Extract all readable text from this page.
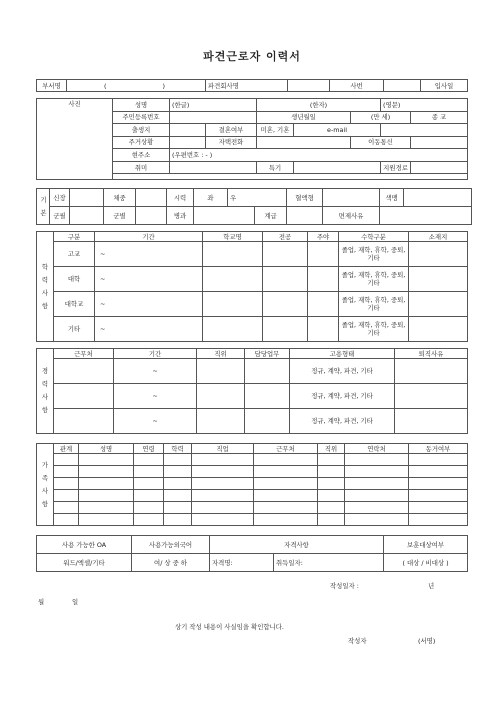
파견근로자 이력서
부서명	(		)	파견회사명		사번		입사일
사진	성명	(한글)		(한자)			(영문)	
	주민등록번호			생년월일		(만 세)		종 교
	출생지		결혼여부	미혼, 기혼	e-mail			
	주거상황		자택전화			이동통신		
	현주소	(우편번호 : - )						
	취미			특기			지원경로	

기본	신장		체중		시력	좌	우		혈액형		색맹	
	군필		군별		병과			계급		면제사유		
학력사항	구분	기간	학교명	전공	주야	수학구분	소재지
	고교	~				졸업, 재학, 휴학, 중퇴, 기타	
	대학	~				졸업, 재학, 휴학, 중퇴, 기타	
	대학교	~				졸업, 재학, 휴학, 중퇴, 기타	
	기타	~				졸업, 재학, 휴학, 중퇴, 기타	
경력사항	근무처	기간	직위	담당업무	고용형태	퇴직사유
		~			정규, 계약, 파견, 기타	
		~			정규, 계약, 파견, 기타	
		~			정규, 계약, 파견, 기타	
가족사항	관계	성명	연령	학력	직업	근무처	직위	연락처	동거여부

사용 가능한 OA	사용가능외국어	자격사항		보훈대상여부
워드/엑셀/기타	여/ 상 중 하	자격명:	취득일자:	( 대상 / 비대상 )
작성일자 :	년
월	일
상기 작성 내용이 사실임을 확인합니다.
작성자	(서명)
